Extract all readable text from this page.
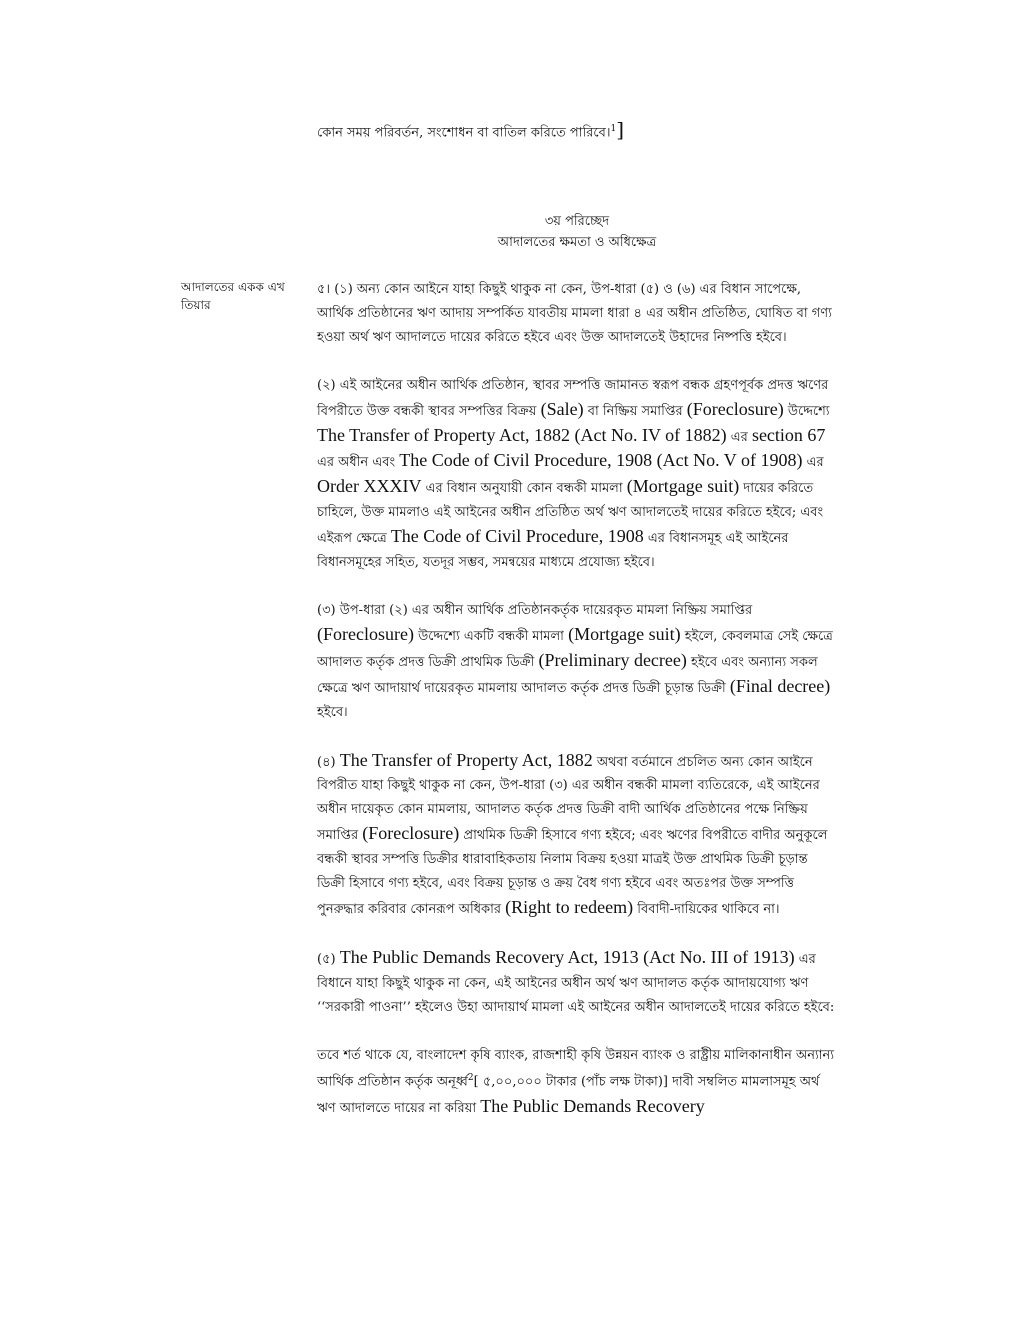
কোন সময় পরিবর্তন, সংশোধন বা বাতিল করিতে পারিবে।$^1$]
৩য় পরিচ্ছেদ
আদালতের ক্ষমতা ও অধিক্ষেত্র
আদালতের একক এখ তিয়ার

৫। (১) অন্য কোন আইনে যাহা কিছুই থাকুক না কেন, উপ-ধারা (৫) ও (৬) এর বিধান সাপেক্ষে, আর্থিক প্রতিষ্ঠানের ঋণ আদায় সম্পর্কিত যাবতীয় মামলা ধারা ৪ এর অধীন প্রতিষ্ঠিত, ঘোষিত বা গণ্য হওয়া অর্থ ঋণ আদালতে দায়ের করিতে হইবে এবং উক্ত আদালতেই উহাদের নিষ্পত্তি হইবে।

(২) এই আইনের অধীন আর্থিক প্রতিষ্ঠান, স্থাবর সম্পত্তি জামানত স্বরূপ বন্ধক গ্রহণপূর্বক প্রদত্ত ঋণের বিপরীতে উক্ত বন্ধকী স্থাবর সম্পত্তির বিক্রয় (Sale) বা নিষ্ক্রিয় সমাপ্তির (Foreclosure) উদ্দেশ্যে The Transfer of Property Act, 1882 (Act No. IV of 1882) এর section 67 এর অধীন এবং The Code of Civil Procedure, 1908 (Act No. V of 1908) এর Order XXXIV এর বিধান অনুযায়ী কোন বন্ধকী মামলা (Mortgage suit) দায়ের করিতে চাহিলে, উক্ত মামলাও এই আইনের অধীন প্রতিষ্ঠিত অর্থ ঋণ আদালতেই দায়ের করিতে হইবে; এবং এইরূপ ক্ষেত্রে The Code of Civil Procedure, 1908 এর বিধানসমূহ এই আইনের বিধানসমূহের সহিত, যতদূর সম্ভব, সমন্বয়ের মাধ্যমে প্রযোজ্য হইবে।

(৩) উপ-ধারা (২) এর অধীন আর্থিক প্রতিষ্ঠানকর্তৃক দায়েরকৃত মামলা নিষ্ক্রিয় সমাপ্তির (Foreclosure) উদ্দেশ্যে একটি বন্ধকী মামলা (Mortgage suit) হইলে, কেবলমাত্র সেই ক্ষেত্রে আদালত কর্তৃক প্রদত্ত ডিক্রী প্রাথমিক ডিক্রী (Preliminary decree) হইবে এবং অন্যান্য সকল ক্ষেত্রে ঋণ আদায়ার্থ দায়েরকৃত মামলায় আদালত কর্তৃক প্রদত্ত ডিক্রী চূড়ান্ত ডিক্রী (Final decree) হইবে।

(৪) The Transfer of Property Act, 1882 অথবা বর্তমানে প্রচলিত অন্য কোন আইনে বিপরীত যাহা কিছুই থাকুক না কেন, উপ-ধারা (৩) এর অধীন বন্ধকী মামলা ব্যতিরেকে, এই আইনের অধীন দায়েকৃত কোন মামলায়, আদালত কর্তৃক প্রদত্ত ডিক্রী বাদী আর্থিক প্রতিষ্ঠানের পক্ষে নিষ্ক্রিয় সমাপ্তির (Foreclosure) প্রাথমিক ডিক্রী হিসাবে গণ্য হইবে; এবং ঋণের বিপরীতে বাদীর অনুকূলে বন্ধকী স্থাবর সম্পত্তি ডিক্রীর ধারাবাহিকতায় নিলাম বিক্রয় হওয়া মাত্রই উক্ত প্রাথমিক ডিক্রী চূড়ান্ত ডিক্রী হিসাবে গণ্য হইবে, এবং বিক্রয় চূড়ান্ত ও ক্রয় বৈধ গণ্য হইবে এবং অতঃপর উক্ত সম্পত্তি পুনরুদ্ধার করিবার কোনরূপ অধিকার (Right to redeem) বিবাদী-দায়িকের থাকিবে না।

(৫) The Public Demands Recovery Act, 1913 (Act No. III of 1913) এর বিধানে যাহা কিছুই থাকুক না কেন, এই আইনের অধীন অর্থ ঋণ আদালত কর্তৃক আদায়যোগ্য ঋণ ‘‘সরকারী পাওনা’’ হইলেও উহা আদায়ার্থ মামলা এই আইনের অধীন আদালতেই দায়ের করিতে হইবে:

তবে শর্ত থাকে যে, বাংলাদেশ কৃষি ব্যাংক, রাজশাহী কৃষি উন্নয়ন ব্যাংক ও রাষ্ট্রীয় মালিকানাধীন অন্যান্য আর্থিক প্রতিষ্ঠান কর্তৃক অনূর্ধ্ব$^2$[ ৫,০০,০০০ টাকার (পাঁচ লক্ষ টাকা)] দাবী সম্বলিত মামলাসমূহ অর্থ ঋণ আদালতে দায়ের না করিয়া The Public Demands Recovery
